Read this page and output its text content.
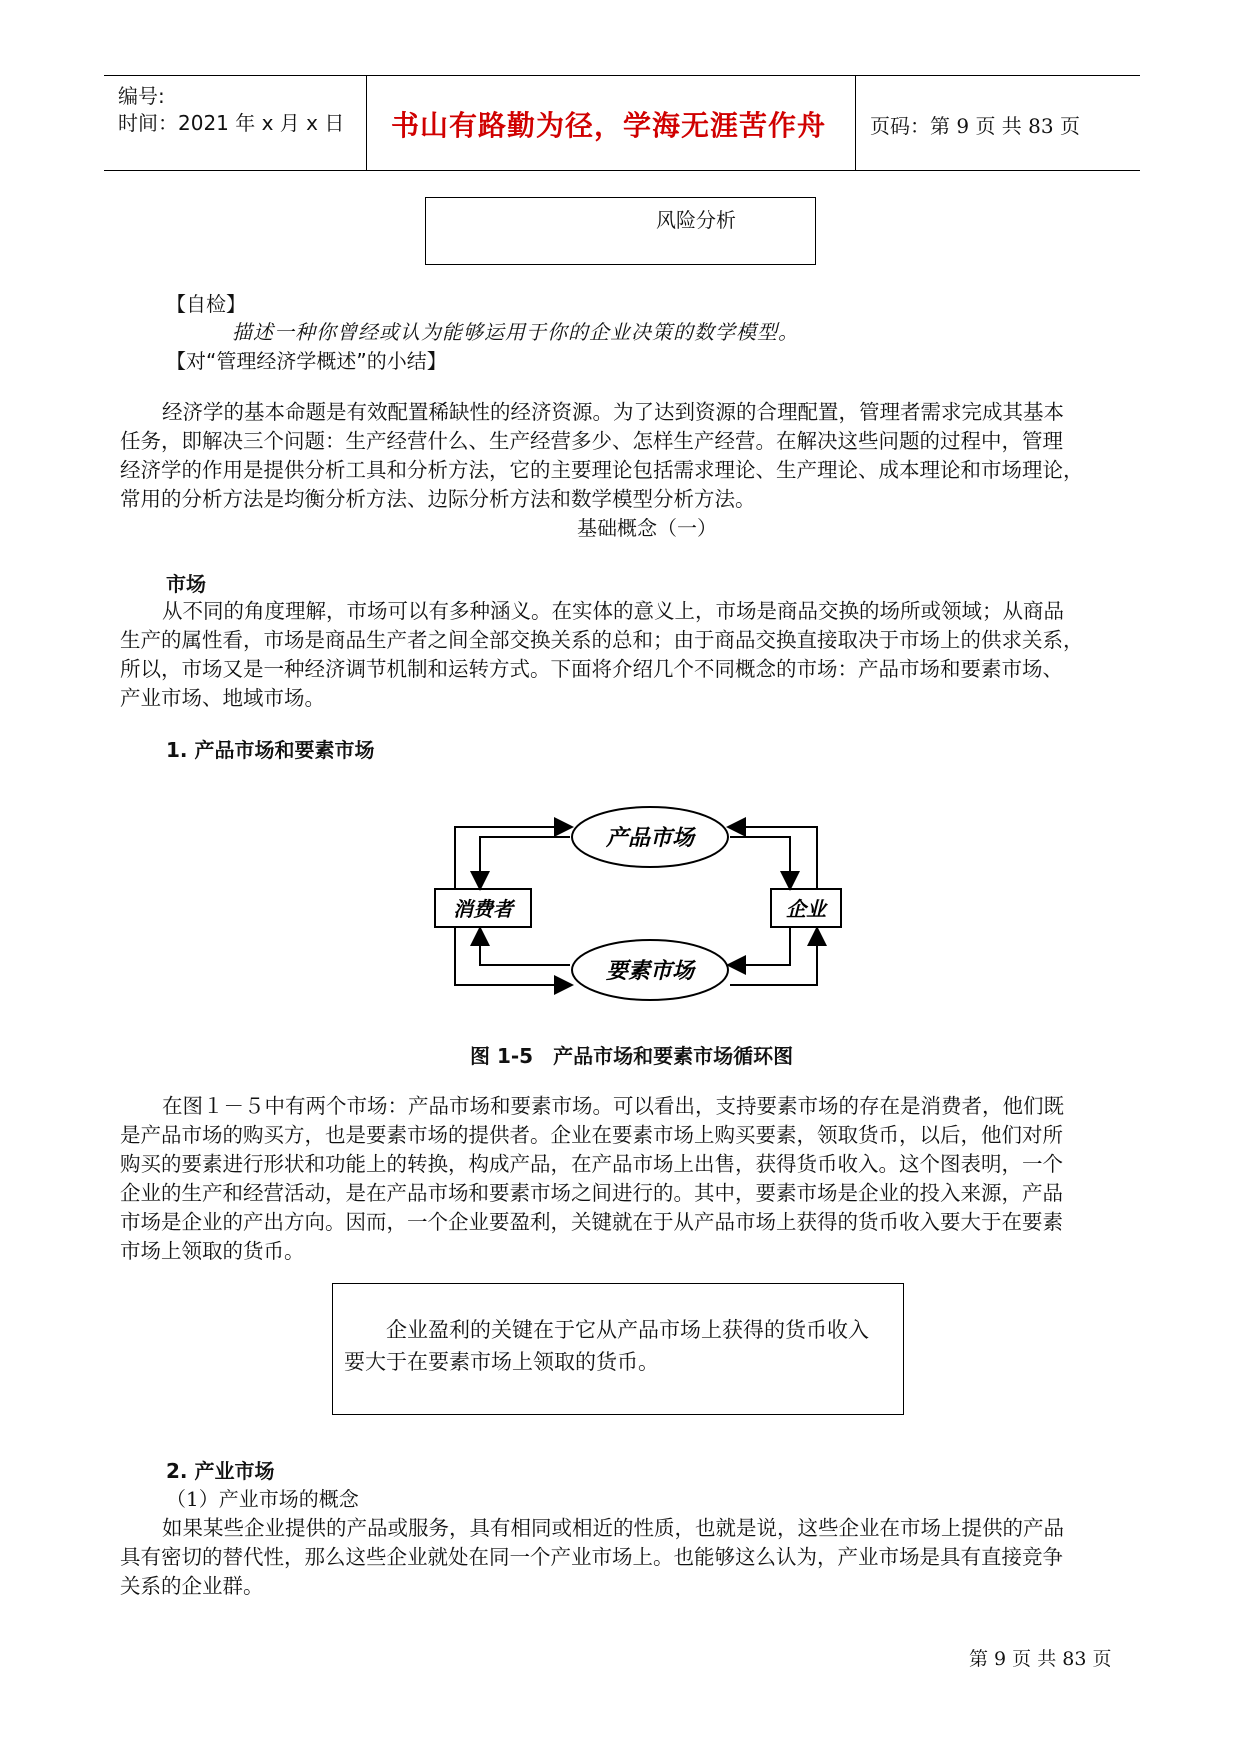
编号:
时间：2021 年 x 月 x 日 书山有路勤为径，学海无涯苦作舟 页码：第 9 页 共 83 页
风险分析
【自检】
描述一种你曾经或认为能够运用于你的企业决策的数学模型。
【对“管理经济学概述”的小结】
经济学的基本命题是有效配置稀缺性的经济资源。为了达到资源的合理配置，管理者需求完成其基本
任务，即解决三个问题：生产经营什么、生产经营多少、怎样生产经营。在解决这些问题的过程中，管理
经济学的作用是提供分析工具和分析方法，它的主要理论包括需求理论、生产理论、成本理论和市场理论，
常用的分析方法是均衡分析方法、边际分析方法和数学模型分析方法。
基础概念（一）
市场
从不同的角度理解，市场可以有多种涵义。在实体的意义上，市场是商品交换的场所或领域；从商品
生产的属性看，市场是商品生产者之间全部交换关系的总和；由于商品交换直接取决于市场上的供求关系，
所以，市场又是一种经济调节机制和运转方式。下面将介绍几个不同概念的市场：产品市场和要素市场、
产业市场、地域市场。
1. 产品市场和要素市场
产品市场
要素市场
消费者	企业
图 1-5　产品市场和要素市场循环图
在图１－５中有两个市场：产品市场和要素市场。可以看出，支持要素市场的存在是消费者，他们既
是产品市场的购买方，也是要素市场的提供者。企业在要素市场上购买要素，领取货币，以后，他们对所
购买的要素进行形状和功能上的转换，构成产品，在产品市场上出售，获得货币收入。这个图表明，一个
企业的生产和经营活动，是在产品市场和要素市场之间进行的。其中，要素市场是企业的投入来源，产品
市场是企业的产出方向。因而，一个企业要盈利，关键就在于从产品市场上获得的货币收入要大于在要素
市场上领取的货币。
企业盈利的关键在于它从产品市场上获得的货币收入
要大于在要素市场上领取的货币。
2. 产业市场
（1）产业市场的概念
如果某些企业提供的产品或服务，具有相同或相近的性质，也就是说，这些企业在市场上提供的产品
具有密切的替代性，那么这些企业就处在同一个产业市场上。也能够这么认为，产业市场是具有直接竞争
关系的企业群。
第 9 页 共 83 页
